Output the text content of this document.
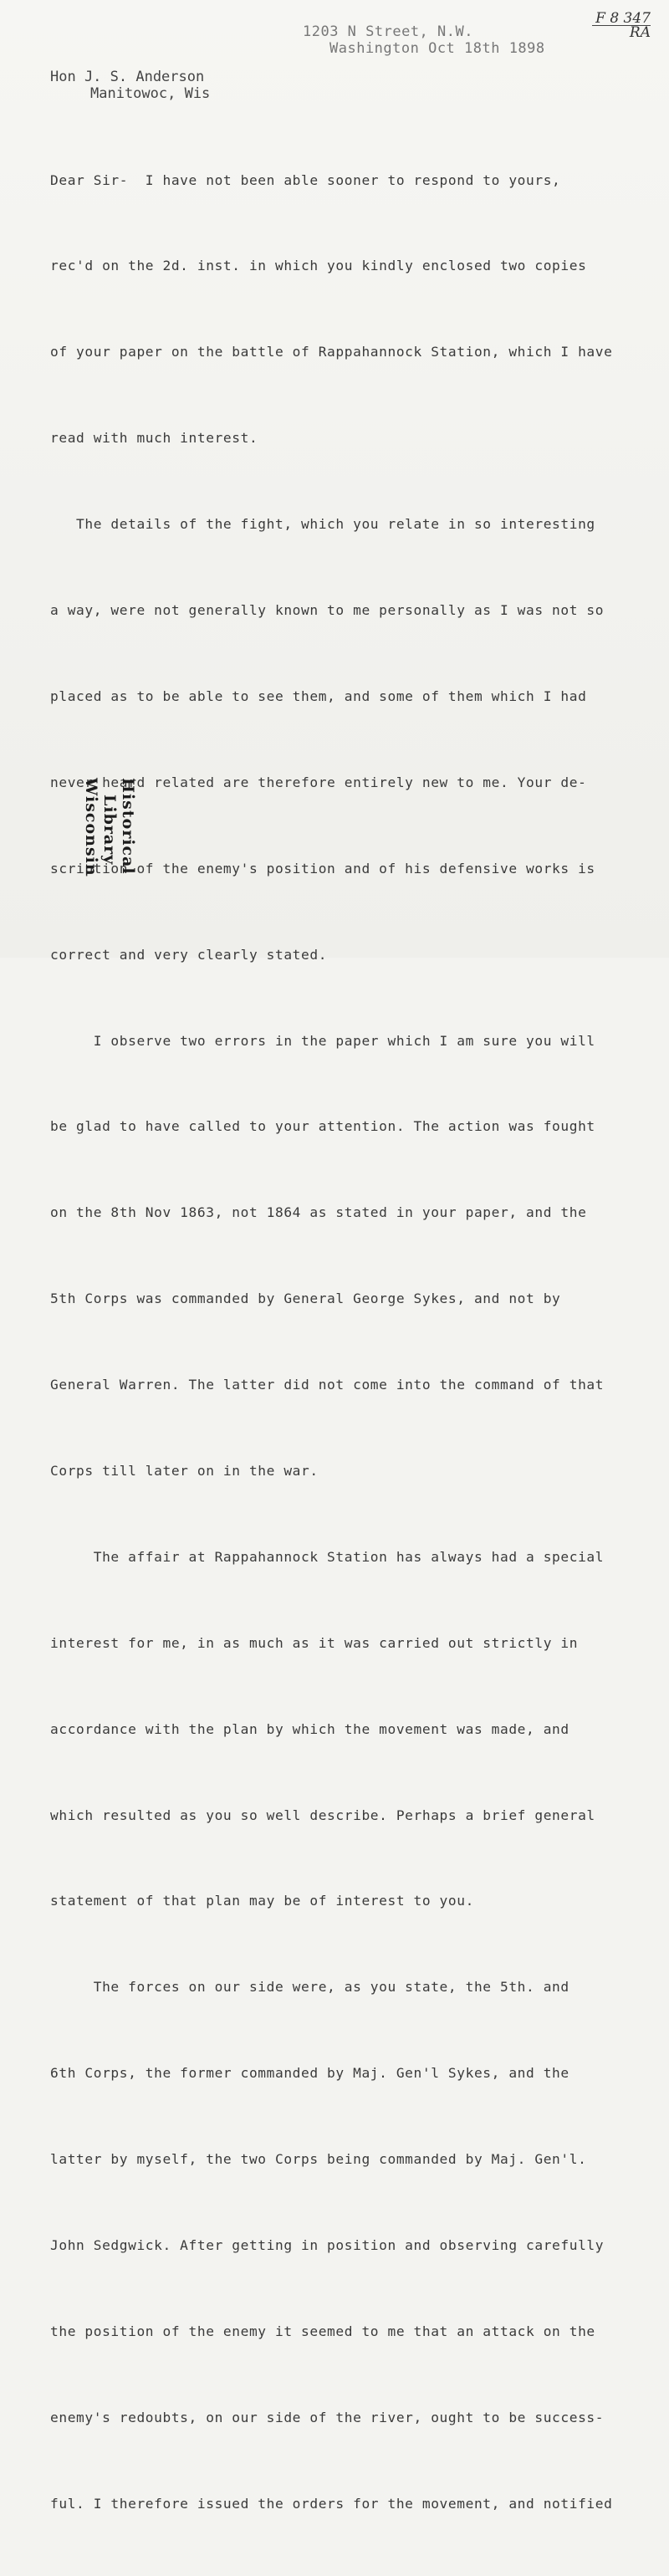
F 8 347
RA
1203 N Street, N.W.
Washington Oct 18th 1898
Hon J. S. Anderson
Manitowoc, Wis

Dear Sir-  I have not been able sooner to respond to yours,

rec'd on the 2d. inst. in which you kindly enclosed two copies

of your paper on the battle of Rappahannock Station, which I have

read with much interest.

The details of the fight, which you relate in so interesting

a way, were not generally known to me personally as I was not so

placed as to be able to see them, and some of them which I had

never heard related are therefore entirely new to me. Your de-

scription of the enemy's position and of his defensive works is

correct and very clearly stated.

I observe two errors in the paper which I am sure you will

be glad to have called to your attention. The action was fought

on the 8th Nov 1863, not 1864 as stated in your paper, and the

5th Corps was commanded by General George Sykes, and not by

General Warren. The latter did not come into the command of that

Corps till later on in the war.

The affair at Rappahannock Station has always had a special

interest for me, in as much as it was carried out strictly in

accordance with the plan by which the movement was made, and

which resulted as you so well describe. Perhaps a brief general

statement of that plan may be of interest to you.

The forces on our side were, as you state, the 5th. and

6th Corps, the former commanded by Maj. Gen'l Sykes, and the

latter by myself, the two Corps being commanded by Maj. Gen'l.

John Sedgwick. After getting in position and observing carefully

the position of the enemy it seemed to me that an attack on the

enemy's redoubts, on our side of the river, ought to be success-

ful. I therefore issued the orders for the movement, and notified

Wisconsin Library Historical
